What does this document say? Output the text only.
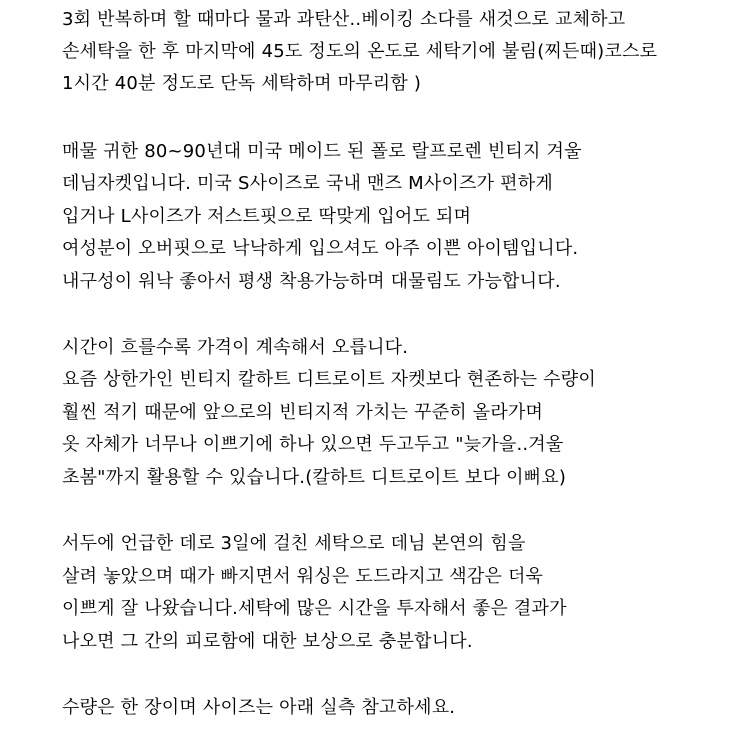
3회 반복하며 할 때마다 물과 과탄산..베이킹 소다를 새것으로 교체하고
손세탁을 한 후 마지막에 45도 정도의 온도로 세탁기에 불림(찌든때)코스로
1시간 40분 정도로 단독 세탁하며 마무리함 )
매물 귀한 80~90년대 미국 메이드 된 폴로 랄프로렌 빈티지 겨울
데님자켓입니다. 미국 S사이즈로 국내 맨즈 M사이즈가 편하게
입거나 L사이즈가 저스트핏으로 딱맞게 입어도 되며
여성분이 오버핏으로 낙낙하게 입으셔도 아주 이쁜 아이템입니다.
내구성이 워낙 좋아서 평생 착용가능하며 대물림도 가능합니다.
시간이 흐를수록 가격이 계속해서 오릅니다.
요즘 상한가인 빈티지 칼하트 디트로이트 자켓보다 현존하는 수량이
훨씬 적기 때문에 앞으로의 빈티지적 가치는 꾸준히 올라가며
옷 자체가 너무나 이쁘기에 하나 있으면 두고두고 "늦가을..겨울
초봄"까지 활용할 수 있습니다.(칼하트 디트로이트 보다 이뻐요)
서두에 언급한 데로 3일에 걸친 세탁으로 데님 본연의 힘을
살려 놓았으며 때가 빠지면서 워싱은 도드라지고 색감은 더욱
이쁘게 잘 나왔습니다.세탁에 많은 시간을 투자해서 좋은 결과가
나오면 그 간의 피로함에 대한 보상으로 충분합니다.
수량은 한 장이며 사이즈는 아래 실측 참고하세요.
